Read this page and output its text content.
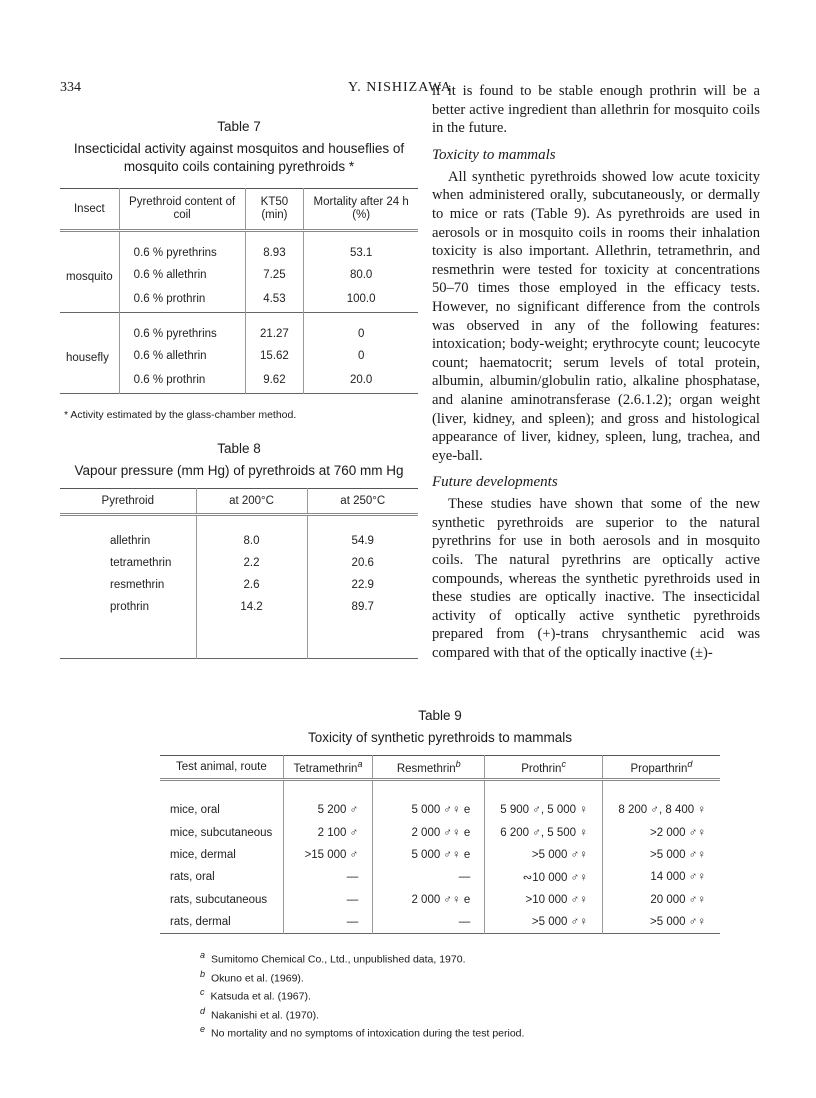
334	Y. NISHIZAWA
Table 7
Insecticidal activity against mosquitos and houseflies of mosquito coils containing pyrethroids *
Insect	Pyrethroid content of coil	KT50 (min)	Mortality after 24 h (%)

mosquito	0.6 % pyrethrins	8.93	53.1
	0.6 % allethrin	7.25	80.0
	0.6 % prothrin	4.53	100.0

housefly	0.6 % pyrethrins	21.27	0
	0.6 % allethrin	15.62	0
	0.6 % prothrin	9.62	20.0
* Activity estimated by the glass-chamber method.
Table 8
Vapour pressure (mm Hg) of pyrethroids at 760 mm Hg
Pyrethroid	at 200°C	at 250°C

allethrin	8.0	54.9
tetramethrin	2.2	20.6
resmethrin	2.6	22.9
prothrin	14.2	89.7

if it is found to be stable enough prothrin will be a better active ingredient than allethrin for mosquito coils in the future.

Toxicity to mammals

All synthetic pyrethroids showed low acute toxicity when administered orally, subcutaneously, or dermally to mice or rats (Table 9). As pyrethroids are used in aerosols or in mosquito coils in rooms their inhalation toxicity is also important. Allethrin, tetramethrin, and resmethrin were tested for toxicity at concentrations 50–70 times those employed in the efficacy tests. However, no significant difference from the controls was observed in any of the following features: intoxication; body-weight; erythrocyte count; leucocyte count; haematocrit; serum levels of total protein, albumin, albumin/globulin ratio, alkaline phosphatase, and alanine aminotransferase (2.6.1.2); organ weight (liver, kidney, and spleen); and gross and histological appearance of liver, kidney, spleen, lung, trachea, and eye-ball.

Future developments

These studies have shown that some of the new synthetic pyrethroids are superior to the natural pyrethrins for use in both aerosols and in mosquito coils. The natural pyrethrins are optically active compounds, whereas the synthetic pyrethroids used in these studies are optically inactive. The insecticidal activity of optically active synthetic pyrethroids prepared from (+)-trans chrysanthemic acid was compared with that of the optically inactive (±)-

Table 9
Toxicity of synthetic pyrethroids to mammals
Test animal, route	Tetramethrin$^a$	Resmethrin$^b$	Prothrin$^c$	Proparthrin$^d$

mice, oral	5 200 ♂	5 000 ♂♀ e	5 900 ♂, 5 000 ♀	8 200 ♂, 8 400 ♀
mice, subcutaneous	2 100 ♂	2 000 ♂♀ e	6 200 ♂, 5 500 ♀	>2 000 ♂♀
mice, dermal	>15 000 ♂	5 000 ♂♀ e	>5 000 ♂♀	>5 000 ♂♀
rats, oral	—	—	∾10 000 ♂♀	14 000 ♂♀
rats, subcutaneous	—	2 000 ♂♀ e	>10 000 ♂♀	20 000 ♂♀
rats, dermal	—	—	>5 000 ♂♀	>5 000 ♂♀
$^a$ Sumitomo Chemical Co., Ltd., unpublished data, 1970.
$^b$ Okuno et al. (1969).
$^c$ Katsuda et al. (1967).
$^d$ Nakanishi et al. (1970).
$^e$ No mortality and no symptoms of intoxication during the test period.
